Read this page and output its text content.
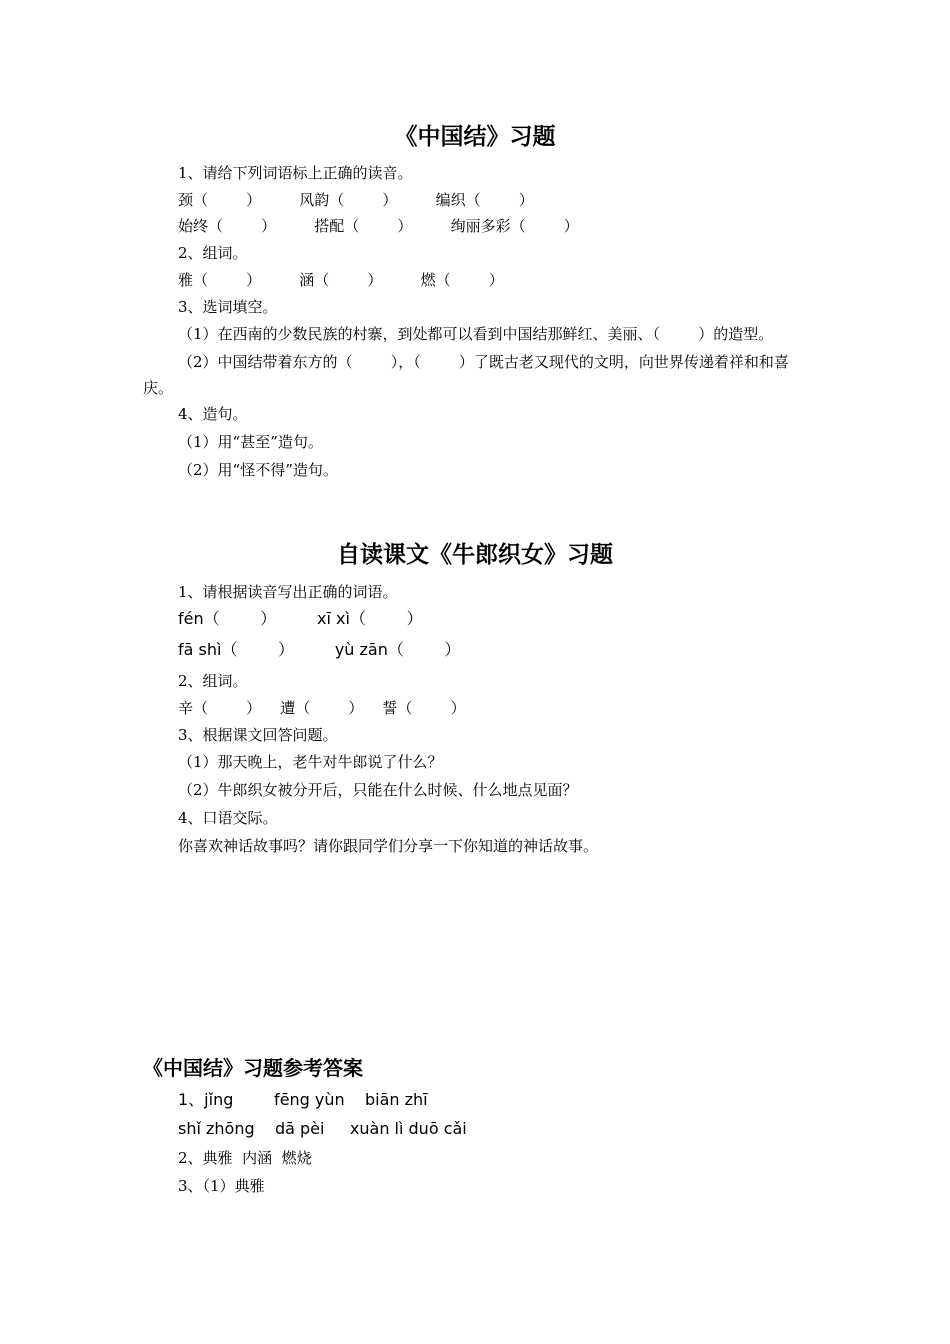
《中国结》习题
1、请给下列词语标上正确的读音。
颈（        ）        风韵（        ）        编织（        ）
始终（        ）        搭配（        ）        绚丽多彩（        ）
2、组词。
雅（        ）        涵（        ）        燃（        ）
3、选词填空。
（1）在西南的少数民族的村寨，到处都可以看到中国结那鲜红、美丽、（        ）的造型。
（2）中国结带着东方的（        ），（        ）了既古老又现代的文明，向世界传递着祥和和喜
庆。
4、造句。
（1）用“甚至”造句。
（2）用“怪不得”造句。
自读课文《牛郎织女》习题
1、请根据读音写出正确的词语。
fén（        ）        xī xì（        ）
fā shì（        ）        yù zān（        ）
2、组词。
辛（        ）    遭（        ）    誓（        ）
3、根据课文回答问题。
（1）那天晚上，老牛对牛郎说了什么？
（2）牛郎织女被分开后，只能在什么时候、什么地点见面？
4、口语交际。
你喜欢神话故事吗？请你跟同学们分享一下你知道的神话故事。
《中国结》习题参考答案
1、jǐng        fēng yùn    biān zhī
shǐ zhōng    dā pèi     xuàn lì duō cǎi
2、典雅  内涵  燃烧
3、（1）典雅
